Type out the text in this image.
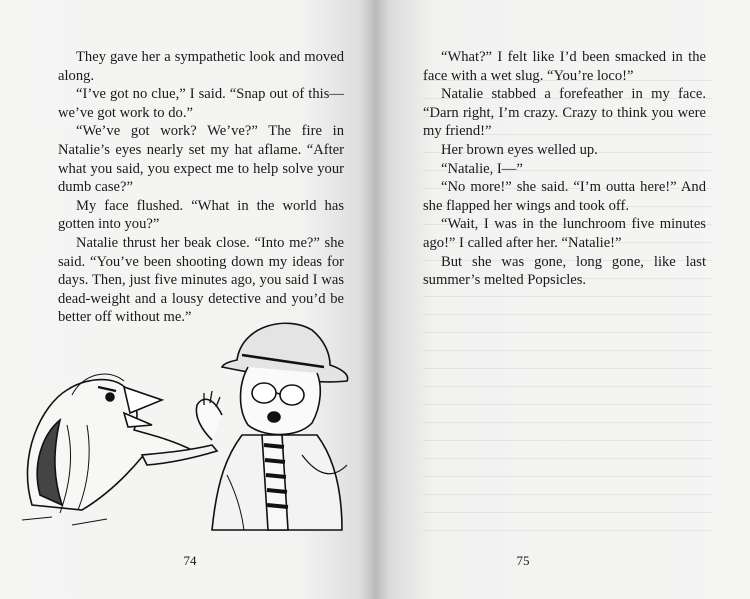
They gave her a sympathetic look and moved along.

“I’ve got no clue,” I said. “Snap out of this—we’ve got work to do.”

“We’ve got work? We’ve?” The fire in Natalie’s eyes nearly set my hat aflame. “After what you said, you expect me to help solve your dumb case?”

My face flushed. “What in the world has gotten into you?”

Natalie thrust her beak close. “Into me?” she said. “You’ve been shooting down my ideas for days. Then, just five minutes ago, you said I was dead-weight and a lousy detective and you’d be better off without me.”

74

“What?” I felt like I’d been smacked in the face with a wet slug. “You’re loco!”

Natalie stabbed a forefeather in my face. “Darn right, I’m crazy. Crazy to think you were my friend!”

Her brown eyes welled up.

“Natalie, I—”

“No more!” she said. “I’m outta here!” And she flapped her wings and took off.

“Wait, I was in the lunchroom five minutes ago!” I called after her. “Natalie!”

But she was gone, long gone, like last summer’s melted Popsicles.

75
